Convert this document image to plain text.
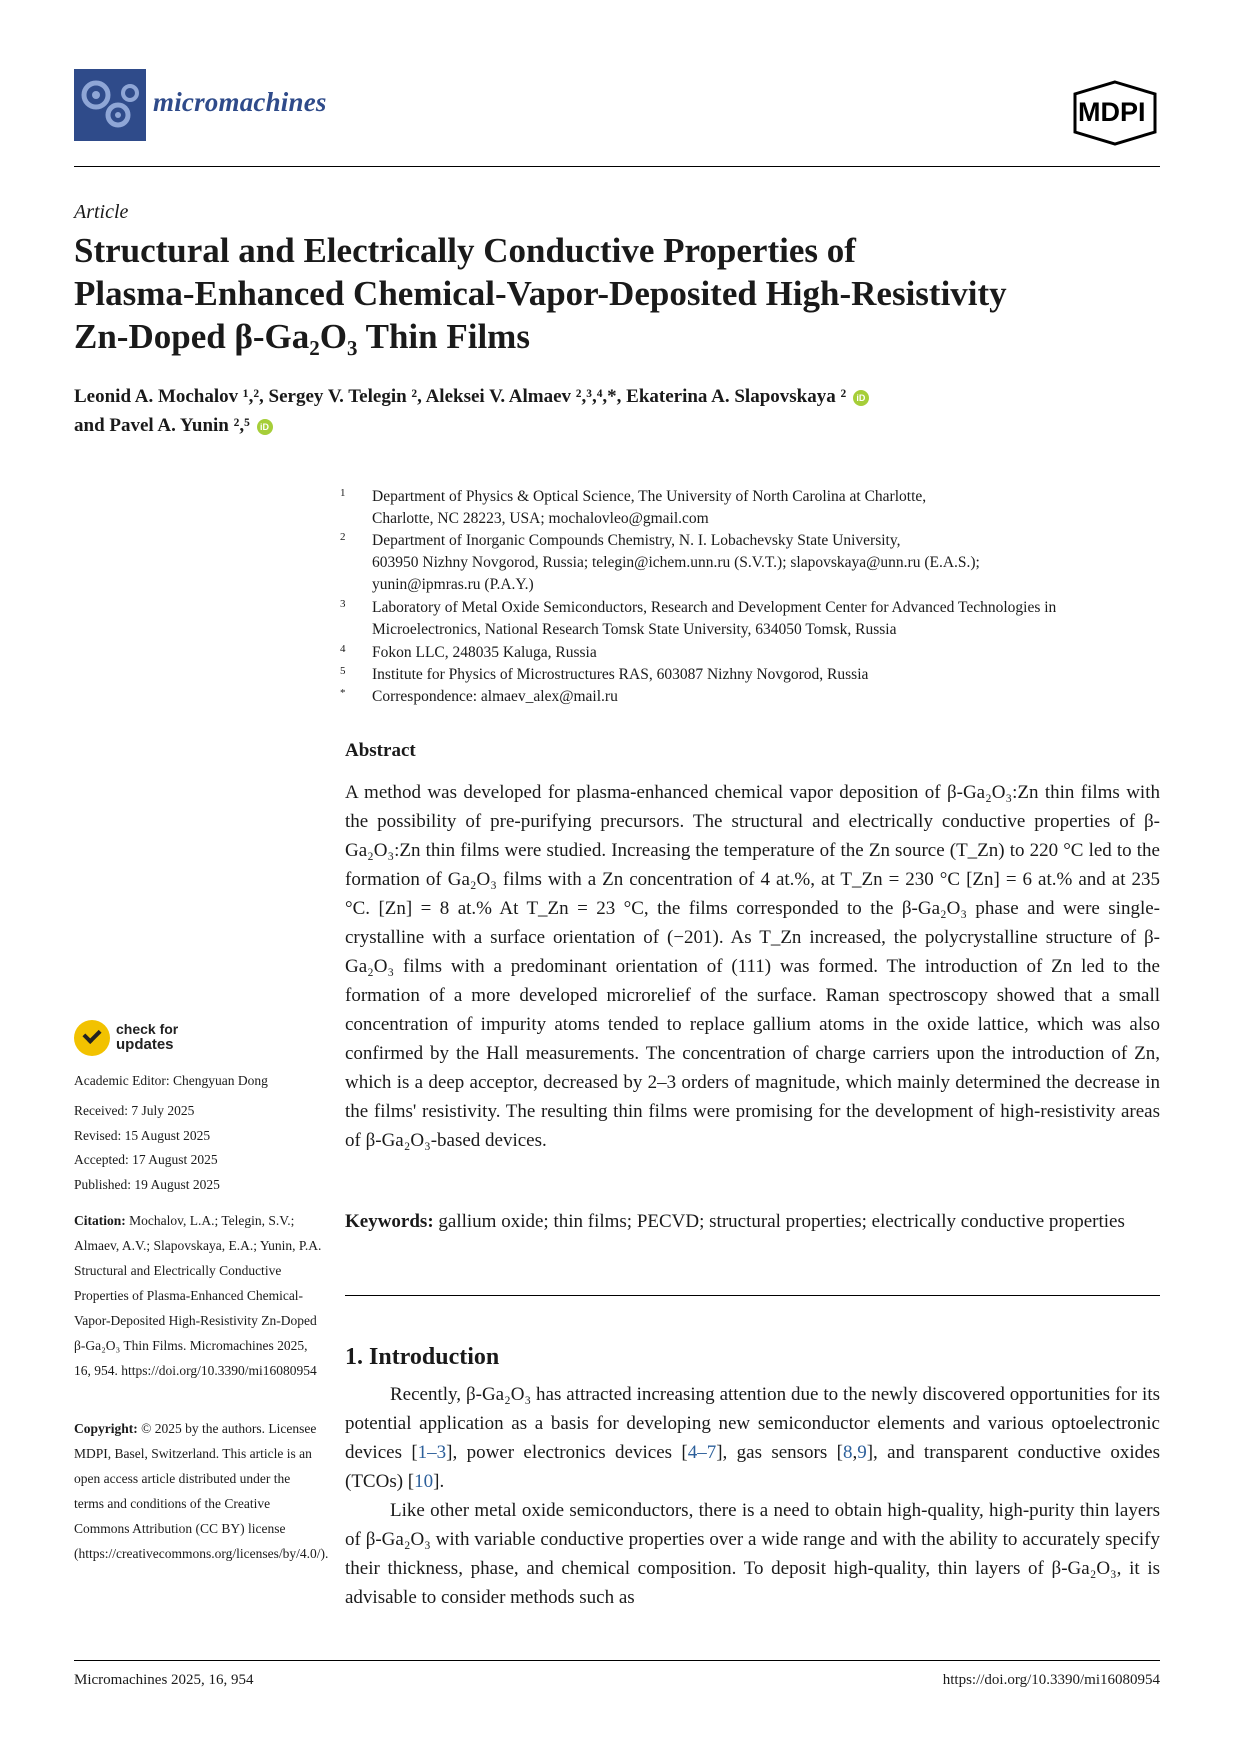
micromachines	MDPI
Article
Structural and Electrically Conductive Properties of
Plasma-Enhanced Chemical-Vapor-Deposited High-Resistivity
Zn-Doped β-Ga₂O₃ Thin Films
Leonid A. Mochalov ¹,², Sergey V. Telegin ², Aleksei V. Almaev ²,³,⁴,*, Ekaterina A. Slapovskaya ² iD
and Pavel A. Yunin ²,⁵ iD
1 Department of Physics & Optical Science, The University of North Carolina at Charlotte,
Charlotte, NC 28223, USA; mochalovleo@gmail.com
2 Department of Inorganic Compounds Chemistry, N. I. Lobachevsky State University,
603950 Nizhny Novgorod, Russia; telegin@ichem.unn.ru (S.V.T.); slapovskaya@unn.ru (E.A.S.);
yunin@ipmras.ru (P.A.Y.)
3 Laboratory of Metal Oxide Semiconductors, Research and Development Center for Advanced Technologies in
Microelectronics, National Research Tomsk State University, 634050 Tomsk, Russia
4 Fokon LLC, 248035 Kaluga, Russia
5 Institute for Physics of Microstructures RAS, 603087 Nizhny Novgorod, Russia
* Correspondence: almaev_alex@mail.ru
Abstract
A method was developed for plasma-enhanced chemical vapor deposition of β-Ga₂O₃:Zn thin films with the possibility of pre-purifying precursors. The structural and electrically conductive properties of β-Ga₂O₃:Zn thin films were studied. Increasing the temperature of the Zn source (T_Zn) to 220 °C led to the formation of Ga₂O₃ films with a Zn concentration of 4 at.%, at T_Zn = 230 °C [Zn] = 6 at.% and at 235 °C. [Zn] = 8 at.% At T_Zn = 23 °C, the films corresponded to the β-Ga₂O₃ phase and were single-crystalline with a surface orientation of (−201). As T_Zn increased, the polycrystalline structure of β-Ga₂O₃ films with a predominant orientation of (111) was formed. The introduction of Zn led to the formation of a more developed microrelief of the surface. Raman spectroscopy showed that a small concentration of impurity atoms tended to replace gallium atoms in the oxide lattice, which was also confirmed by the Hall measurements. The concentration of charge carriers upon the introduction of Zn, which is a deep acceptor, decreased by 2–3 orders of magnitude, which mainly determined the decrease in the films' resistivity. The resulting thin films were promising for the development of high-resistivity areas of β-Ga₂O₃-based devices.
Keywords: gallium oxide; thin films; PECVD; structural properties; electrically conductive properties
1. Introduction

Recently, β-Ga₂O₃ has attracted increasing attention due to the newly discovered opportunities for its potential application as a basis for developing new semiconductor elements and various optoelectronic devices [1–3], power electronics devices [4–7], gas sensors [8,9], and transparent conductive oxides (TCOs) [10].

Like other metal oxide semiconductors, there is a need to obtain high-quality, high-purity thin layers of β-Ga₂O₃ with variable conductive properties over a wide range and with the ability to accurately specify their thickness, phase, and chemical composition. To deposit high-quality, thin layers of β-Ga₂O₃, it is advisable to consider methods such as

check for
updates
Academic Editor: Chengyuan Dong
Received: 7 July 2025
Revised: 15 August 2025
Accepted: 17 August 2025
Published: 19 August 2025
Citation: Mochalov, L.A.; Telegin, S.V.; Almaev, A.V.; Slapovskaya, E.A.; Yunin, P.A. Structural and Electrically Conductive Properties of Plasma-Enhanced Chemical-Vapor-Deposited High-Resistivity Zn-Doped β-Ga₂O₃ Thin Films. Micromachines 2025, 16, 954. https://doi.org/10.3390/mi16080954
Copyright: © 2025 by the authors. Licensee MDPI, Basel, Switzerland. This article is an open access article distributed under the terms and conditions of the Creative Commons Attribution (CC BY) license (https://creativecommons.org/licenses/by/4.0/).
Micromachines 2025, 16, 954	https://doi.org/10.3390/mi16080954
